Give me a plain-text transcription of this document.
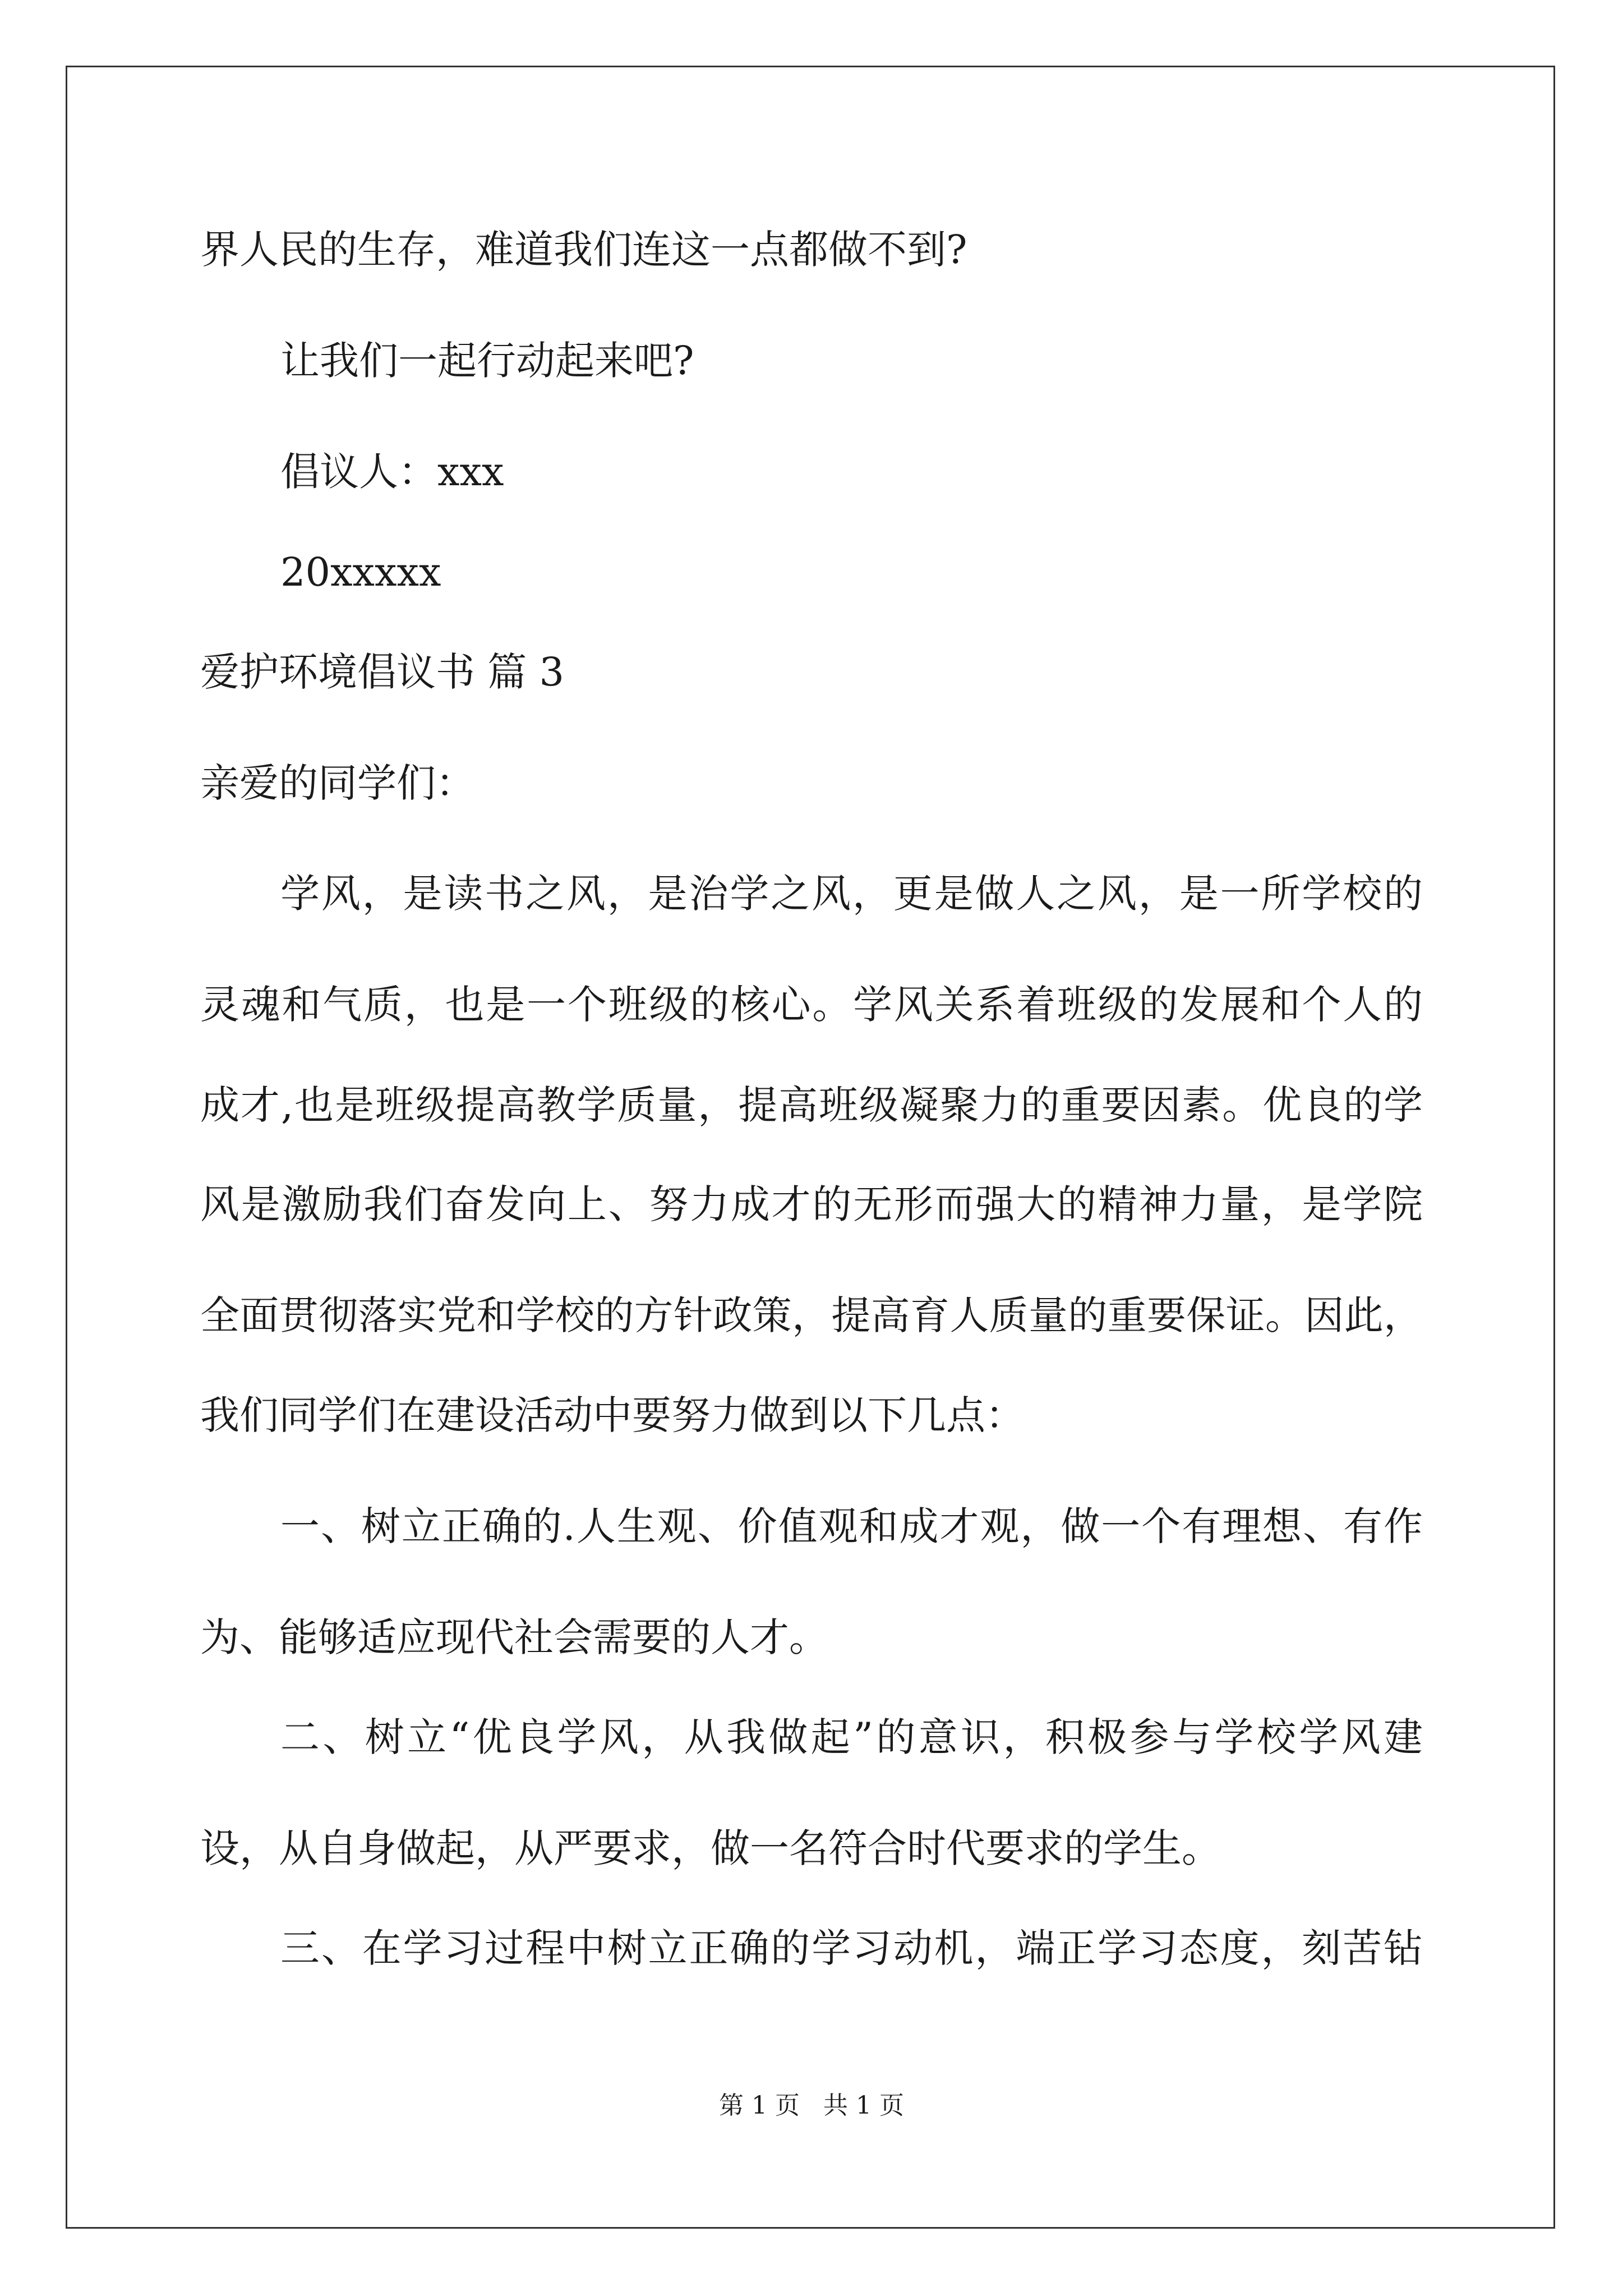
界人民的生存，难道我们连这一点都做不到?

让我们一起行动起来吧?

倡议人：xxx

20xxxxx

爱护环境倡议书 篇 3

亲爱的同学们：

学风，是读书之风，是治学之风，更是做人之风，是一所学校的

灵魂和气质，也是一个班级的核心。学风关系着班级的发展和个人的

成才,也是班级提高教学质量，提高班级凝聚力的重要因素。优良的学

风是激励我们奋发向上、努力成才的无形而强大的精神力量，是学院

全面贯彻落实党和学校的方针政策，提高育人质量的重要保证。因此，

我们同学们在建设活动中要努力做到以下几点：

一、树立正确的.人生观、价值观和成才观，做一个有理想、有作

为、能够适应现代社会需要的人才。

二、树立“优良学风，从我做起”的意识，积极参与学校学风建

设，从自身做起，从严要求，做一名符合时代要求的学生。

三、在学习过程中树立正确的学习动机，端正学习态度，刻苦钻

第 1 页   共 1 页
